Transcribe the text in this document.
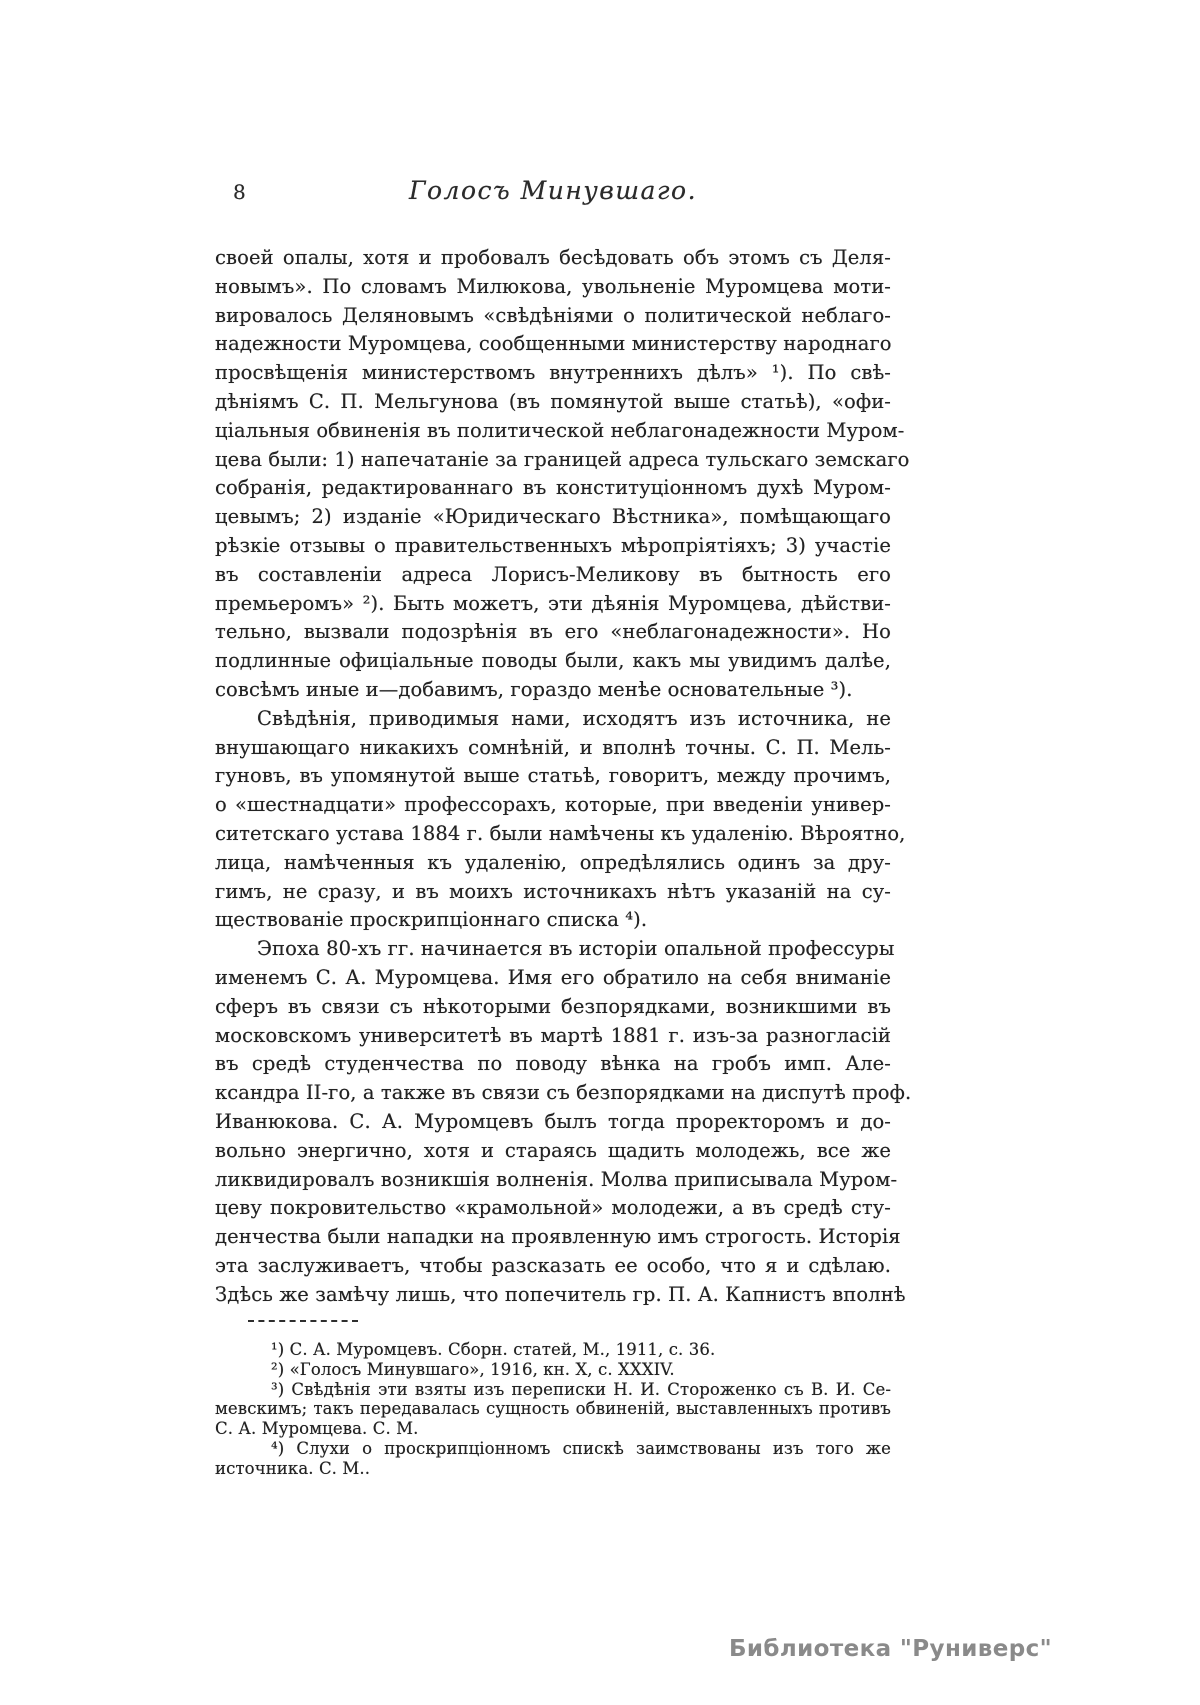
8	Голосъ Минувшаго.
своей опалы, хотя и пробовалъ бесѣдовать объ этомъ съ Деля-
новымъ». По словамъ Милюкова, увольненіе Муромцева моти-
вировалось Деляновымъ «свѣдѣніями о политической неблаго-
надежности Муромцева, сообщенными министерству народнаго
просвѣщенія министерствомъ внутреннихъ дѣлъ» ¹). По свѣ-
дѣніямъ С. П. Мельгунова (въ помянутой выше статьѣ), «офи-
ціальныя обвиненія въ политической неблагонадежности Муром-
цева были: 1) напечатаніе за границей адреса тульскаго земскаго
собранія, редактированнаго въ конституціонномъ духѣ Муром-
цевымъ; 2) изданіе «Юридическаго Вѣстника», помѣщающаго
рѣзкіе отзывы о правительственныхъ мѣропріятіяхъ; 3) участіе
въ составленіи адреса Лорисъ-Меликову въ бытность его
премьеромъ» ²). Быть можетъ, эти дѣянія Муромцева, дѣйстви-
тельно, вызвали подозрѣнія въ его «неблагонадежности». Но
подлинные офиціальные поводы были, какъ мы увидимъ далѣе,
совсѣмъ иные и—добавимъ, гораздо менѣе основательные ³).
Свѣдѣнія, приводимыя нами, исходятъ изъ источника, не
внушающаго никакихъ сомнѣній, и вполнѣ точны. С. П. Мель-
гуновъ, въ упомянутой выше статьѣ, говоритъ, между прочимъ,
о «шестнадцати» профессорахъ, которые, при введеніи универ-
ситетскаго устава 1884 г. были намѣчены къ удаленію. Вѣроятно,
лица, намѣченныя къ удаленію, опредѣлялись одинъ за дру-
гимъ, не сразу, и въ моихъ источникахъ нѣтъ указаній на су-
ществованіе проскрипціоннаго списка ⁴).
Эпоха 80-хъ гг. начинается въ исторіи опальной профессуры
именемъ С. А. Муромцева. Имя его обратило на себя вниманіе
сферъ въ связи съ нѣкоторыми безпорядками, возникшими въ
московскомъ университетѣ въ мартѣ 1881 г. изъ-за разногласій
въ средѣ студенчества по поводу вѣнка на гробъ имп. Але-
ксандра II-го, а также въ связи съ безпорядками на диспутѣ проф.
Иванюкова. С. А. Муромцевъ былъ тогда проректоромъ и до-
вольно энергично, хотя и стараясь щадить молодежь, все же
ликвидировалъ возникшія волненія. Молва приписывала Муром-
цеву покровительство «крамольной» молодежи, а въ средѣ сту-
денчества были нападки на проявленную имъ строгость. Исторія
эта заслуживаетъ, чтобы разсказать ее особо, что я и сдѣлаю.
Здѣсь же замѣчу лишь, что попечитель гр. П. А. Капнистъ вполнѣ
¹) С. А. Муромцевъ. Сборн. статей, М., 1911, с. 36.
²) «Голосъ Минувшаго», 1916, кн. X, с. XXXIV.
³) Свѣдѣнія эти взяты изъ переписки Н. И. Стороженко съ В. И. Се-
мевскимъ; такъ передавалась сущность обвиненій, выставленныхъ противъ
С. А. Муромцева. С. М.
⁴) Слухи о проскрипціонномъ спискѣ заимствованы изъ того же
источника. С. М..
Библиотека "Руниверс"
